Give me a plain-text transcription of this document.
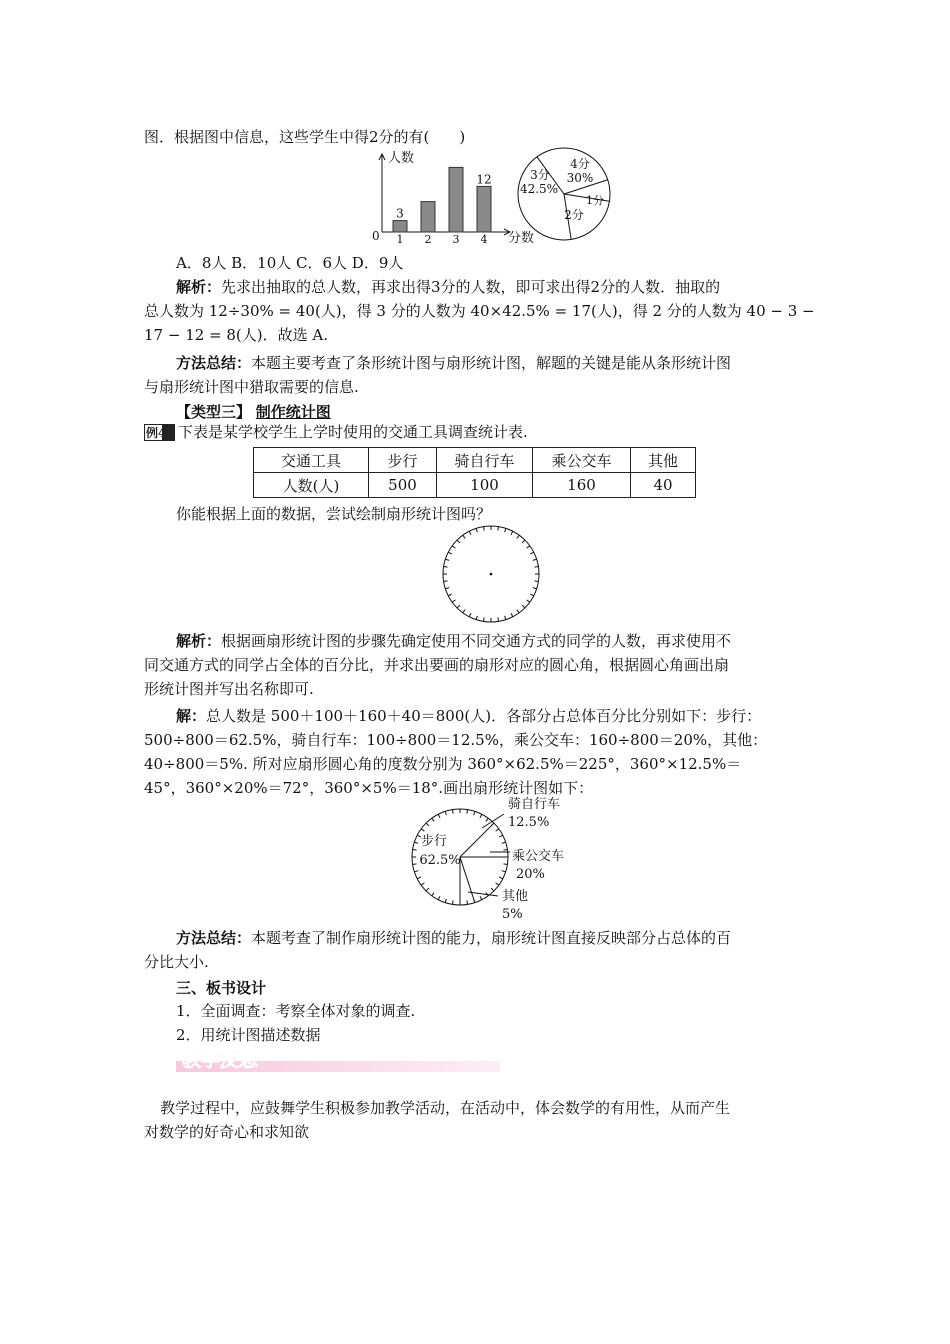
图．根据图中信息，这些学生中得2分的有(　　)
人数
分数
0 1
3
2 3 4
12
4分
30%
3分
42.5%
2分
1分
A．8人 B．10人 C．6人 D．9人
解析：先求出抽取的总人数，再求出得3分的人数，即可求出得2分的人数．抽取的
总人数为 12÷30% = 40(人)，得 3 分的人数为 40×42.5% = 17(人)，得 2 分的人数为 40 − 3 −
17 − 12 = 8(人)．故选 A.
方法总结：本题主要考查了条形统计图与扇形统计图，解题的关键是能从条形统计图
与扇形统计图中猎取需要的信息.
【类型三】 制作统计图
例4 下表是某学校学生上学时使用的交通工具调查统计表.
交通工具	步行	骑自行车	乘公交车	其他
人数(人)	500	100	160	40
你能根据上面的数据，尝试绘制扇形统计图吗？
解析：根据画扇形统计图的步骤先确定使用不同交通方式的同学的人数，再求使用不
同交通方式的同学占全体的百分比，并求出要画的扇形对应的圆心角，根据圆心角画出扇
形统计图并写出名称即可.
解：总人数是 500＋100＋160＋40＝800(人)．各部分占总体百分比分别如下：步行：
500÷800＝62.5%，骑自行车：100÷800＝12.5%，乘公交车：160÷800＝20%，其他：
40÷800＝5%. 所对应扇形圆心角的度数分别为 360°×62.5%＝225°，360°×12.5%＝
45°，360°×20%＝72°，360°×5%＝18°.画出扇形统计图如下：
步行
62.5%
骑自行车
12.5%
乘公交车
20%
其他
5%
方法总结：本题考查了制作扇形统计图的能力，扇形统计图直接反映部分占总体的百
分比大小.
三、板书设计
1．全面调查：考察全体对象的调查.
2．用统计图描述数据
教学反思
教学过程中，应鼓舞学生积极参加教学活动，在活动中，体会数学的有用性，从而产生
对数学的好奇心和求知欲
